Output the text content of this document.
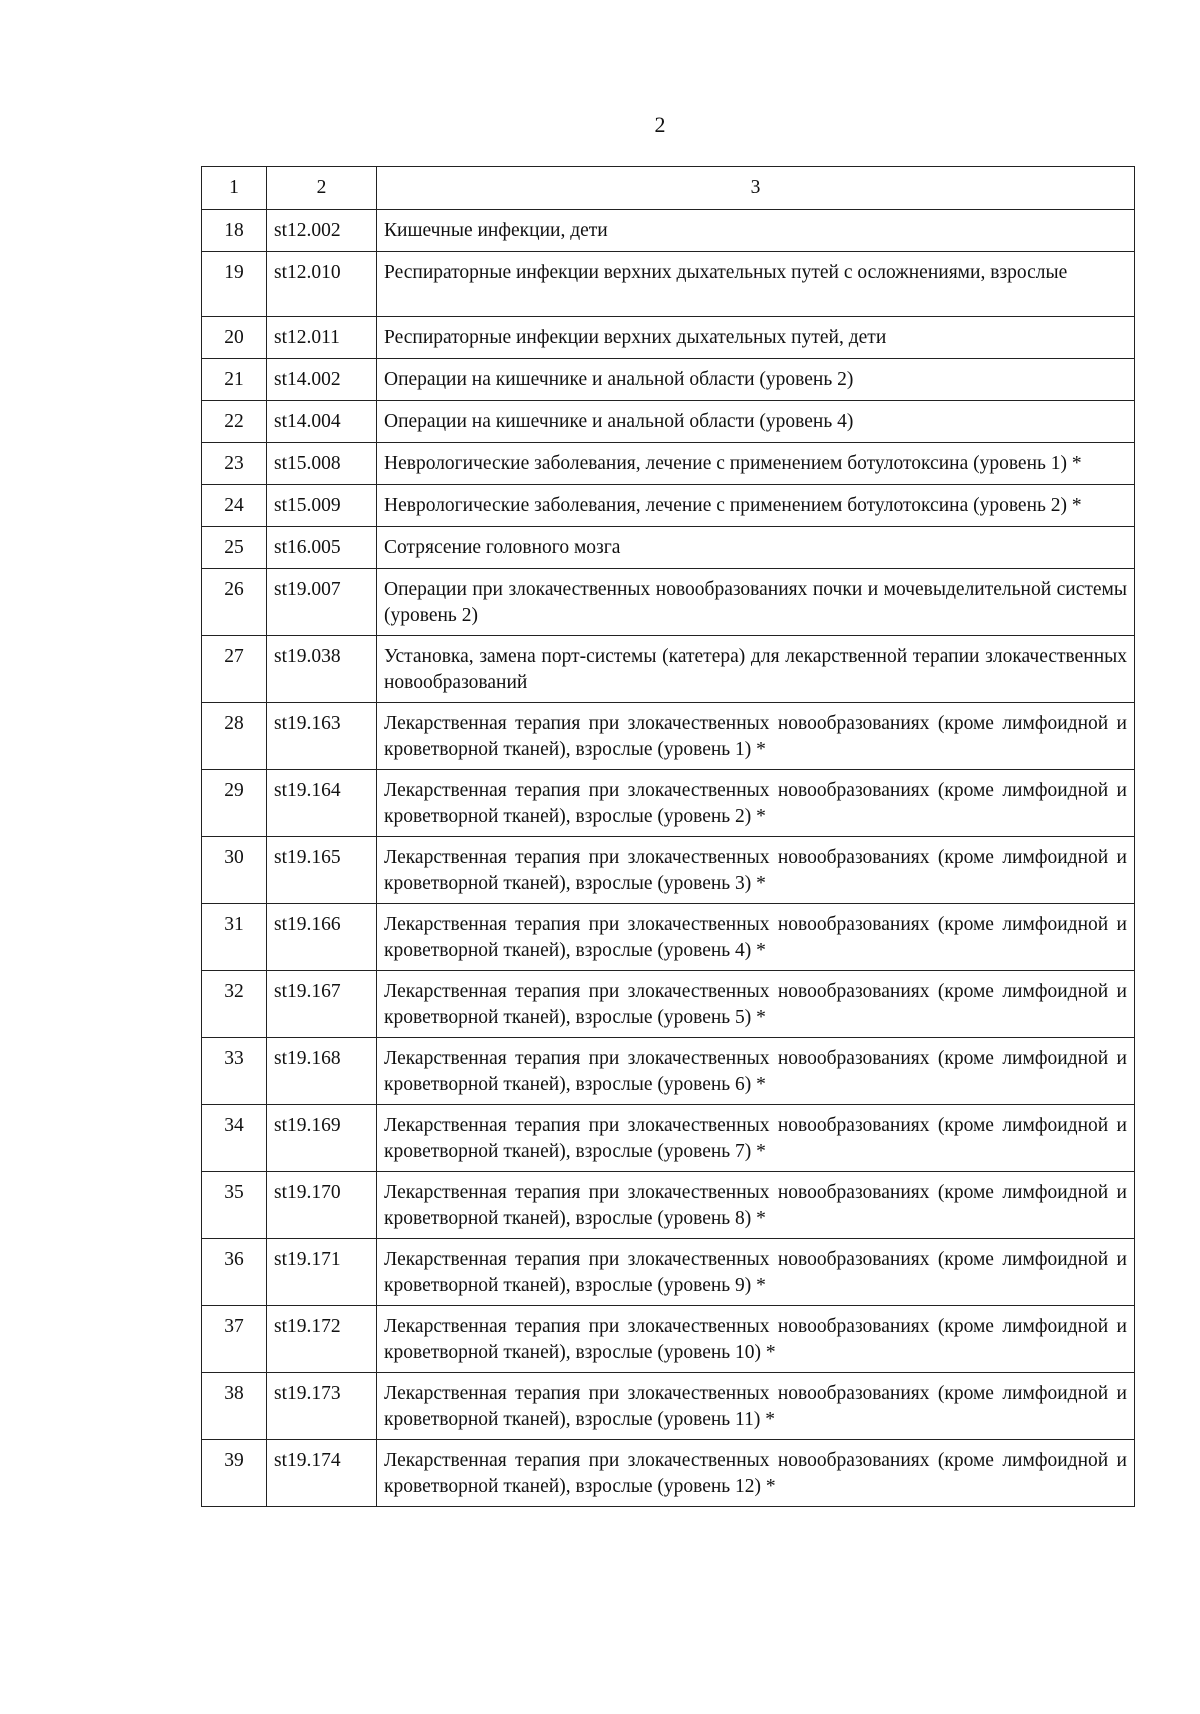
2
1	2	3
18	st12.002	Кишечные инфекции, дети
19	st12.010	Респираторные инфекции верхних дыхательных путей с осложнениями, взрослые
20	st12.011	Респираторные инфекции верхних дыхательных путей, дети
21	st14.002	Операции на кишечнике и анальной области (уровень 2)
22	st14.004	Операции на кишечнике и анальной области (уровень 4)
23	st15.008	Неврологические заболевания, лечение с применением ботулотоксина (уровень 1) *
24	st15.009	Неврологические заболевания, лечение с применением ботулотоксина (уровень 2) *
25	st16.005	Сотрясение головного мозга
26	st19.007	Операции при злокачественных новообразованиях почки и мочевыделительной системы (уровень 2)
27	st19.038	Установка, замена порт-системы (катетера) для лекарственной терапии злокачественных новообразований
28	st19.163	Лекарственная терапия при злокачественных новообразованиях (кроме лимфоидной и кроветворной тканей), взрослые (уровень 1) *
29	st19.164	Лекарственная терапия при злокачественных новообразованиях (кроме лимфоидной и кроветворной тканей), взрослые (уровень 2) *
30	st19.165	Лекарственная терапия при злокачественных новообразованиях (кроме лимфоидной и кроветворной тканей), взрослые (уровень 3) *
31	st19.166	Лекарственная терапия при злокачественных новообразованиях (кроме лимфоидной и кроветворной тканей), взрослые (уровень 4) *
32	st19.167	Лекарственная терапия при злокачественных новообразованиях (кроме лимфоидной и кроветворной тканей), взрослые (уровень 5) *
33	st19.168	Лекарственная терапия при злокачественных новообразованиях (кроме лимфоидной и кроветворной тканей), взрослые (уровень 6) *
34	st19.169	Лекарственная терапия при злокачественных новообразованиях (кроме лимфоидной и кроветворной тканей), взрослые (уровень 7) *
35	st19.170	Лекарственная терапия при злокачественных новообразованиях (кроме лимфоидной и кроветворной тканей), взрослые (уровень 8) *
36	st19.171	Лекарственная терапия при злокачественных новообразованиях (кроме лимфоидной и кроветворной тканей), взрослые (уровень 9) *
37	st19.172	Лекарственная терапия при злокачественных новообразованиях (кроме лимфоидной и кроветворной тканей), взрослые (уровень 10) *
38	st19.173	Лекарственная терапия при злокачественных новообразованиях (кроме лимфоидной и кроветворной тканей), взрослые (уровень 11) *
39	st19.174	Лекарственная терапия при злокачественных новообразованиях (кроме лимфоидной и кроветворной тканей), взрослые (уровень 12) *
